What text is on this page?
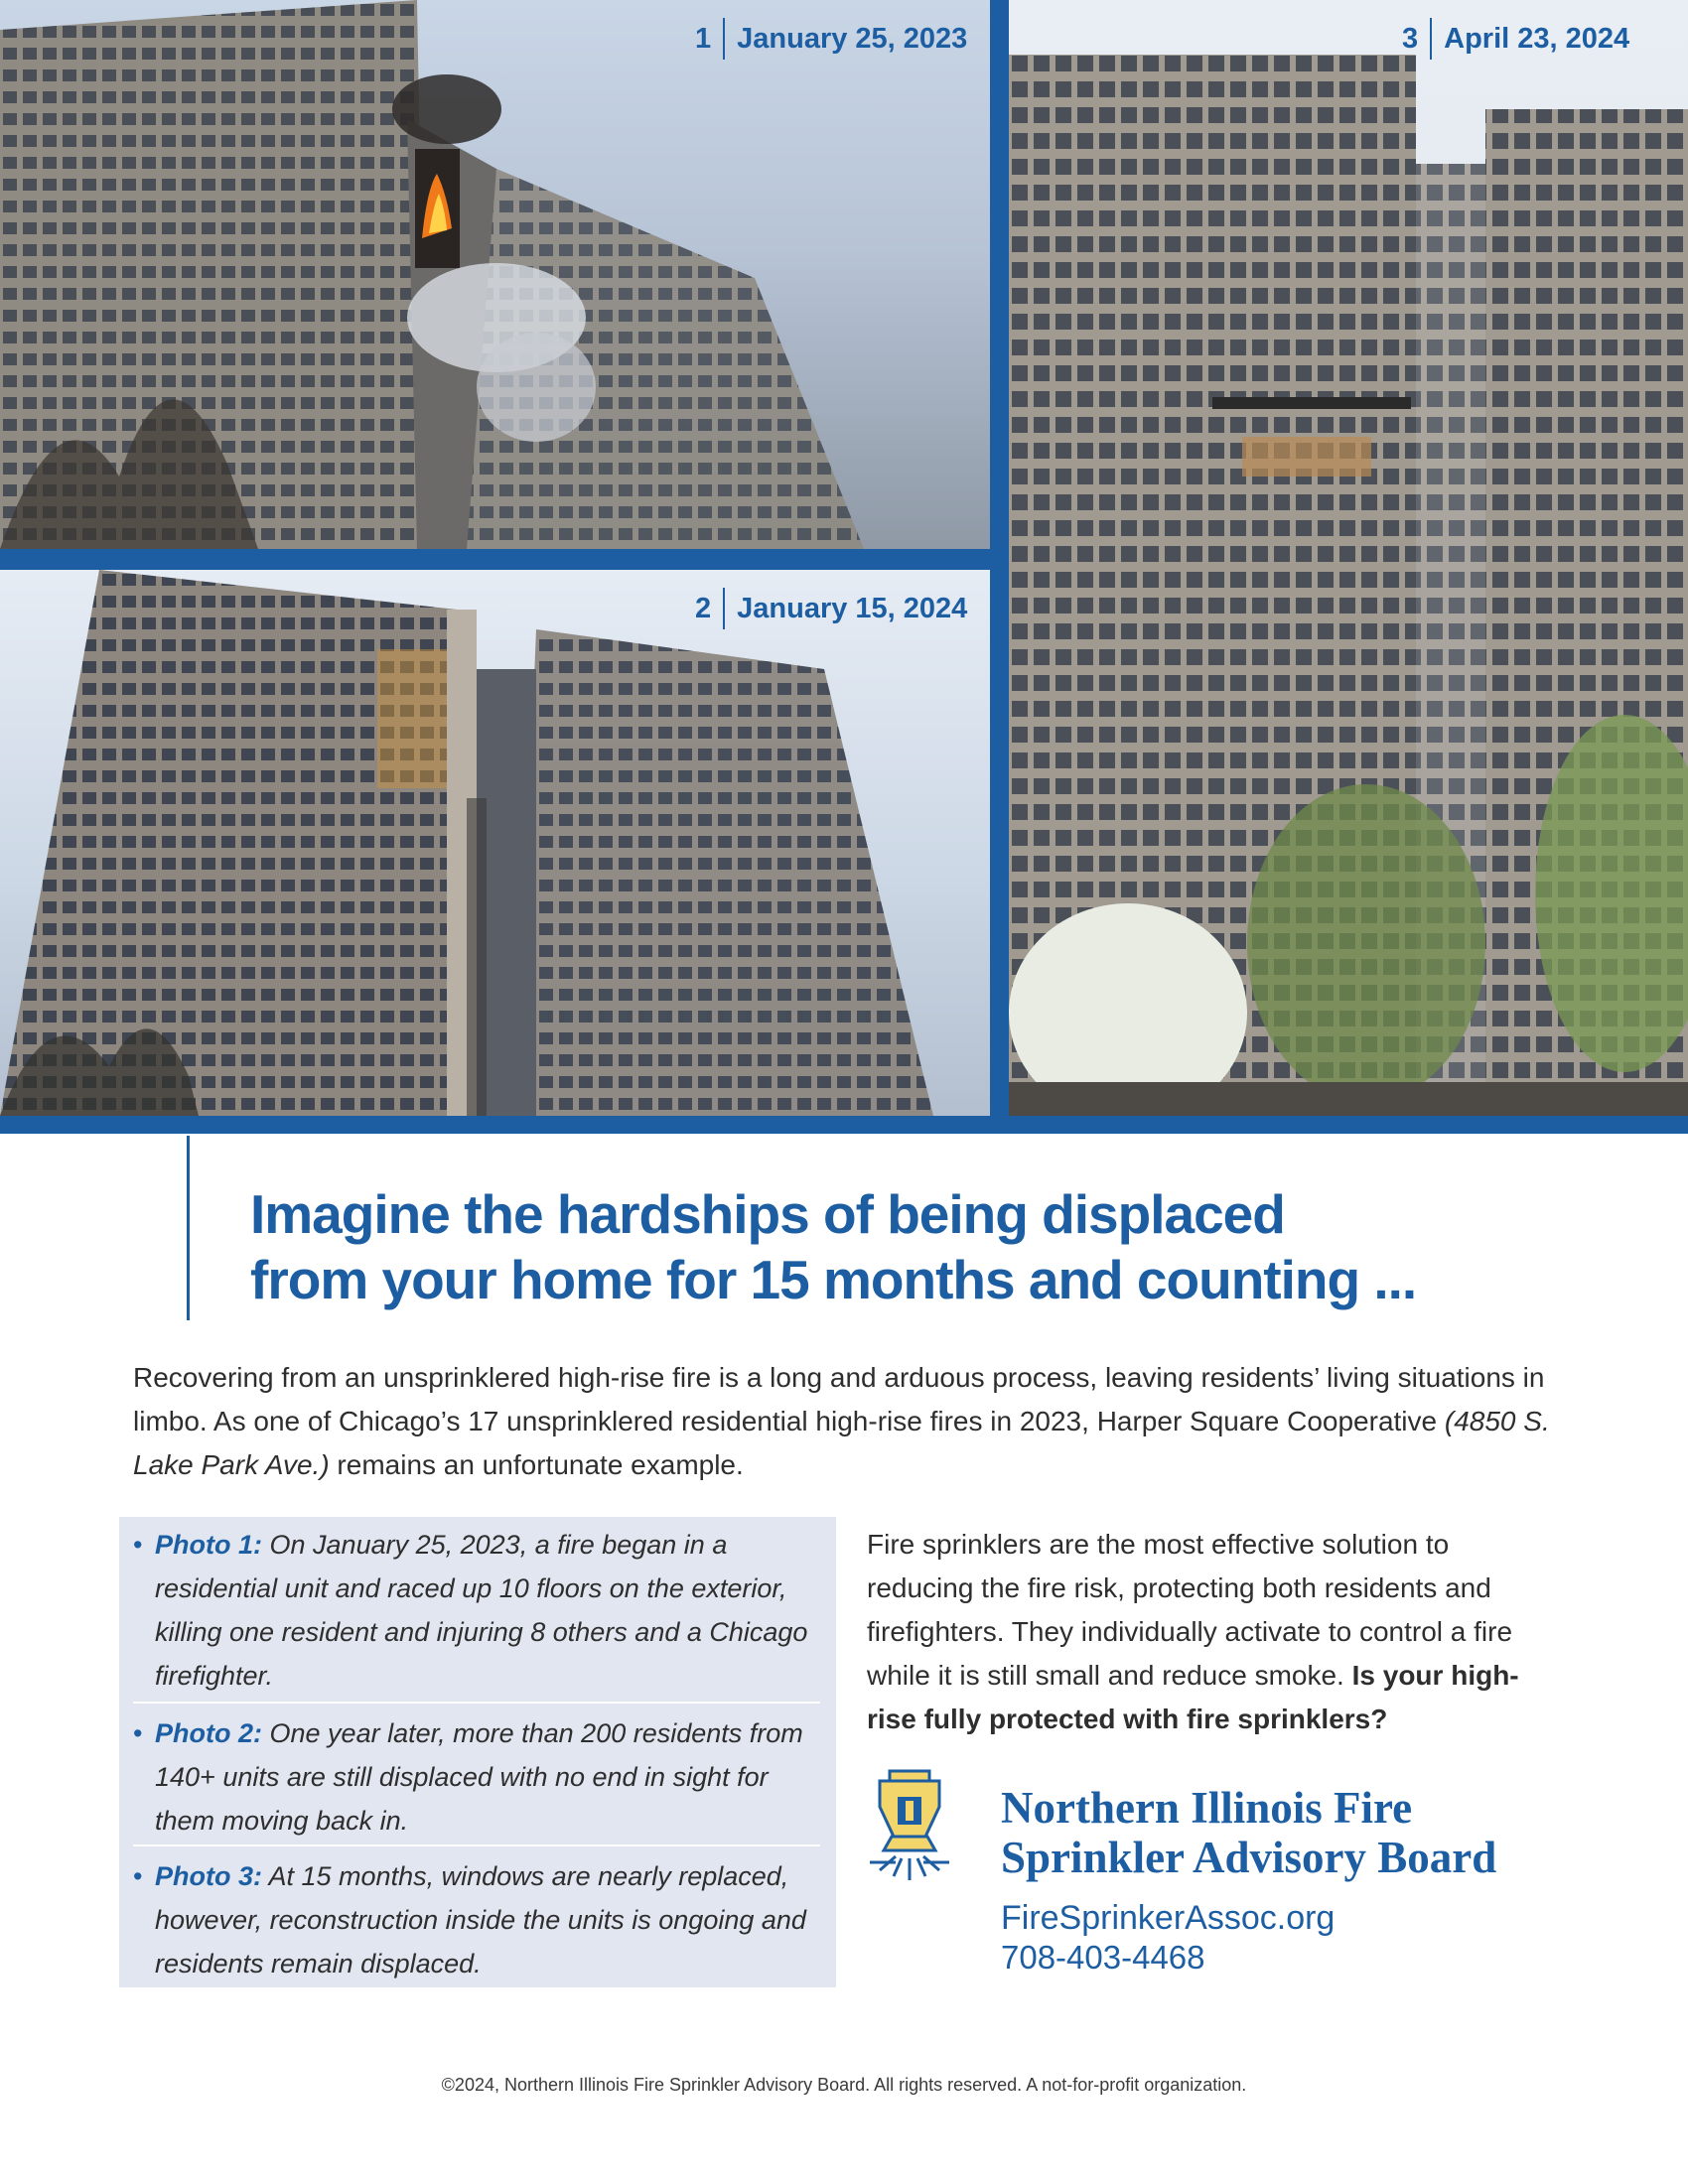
1 January 25, 2023
2 January 15, 2024
3 April 23, 2024
Imagine the hardships of being displaced
from your home for 15 months and counting ...

Recovering from an unsprinklered high-rise fire is a long and arduous process, leaving residents’ living situations in limbo. As one of Chicago’s 17 unsprinklered residential high-rise fires in 2023, Harper Square Cooperative (4850 S. Lake Park Ave.) remains an unfortunate example.

• Photo 1: On January 25, 2023, a fire began in a residential unit and raced up 10 floors on the exterior, killing one resident and injuring 8 others and a Chicago firefighter.
• Photo 2: One year later, more than 200 residents from 140+ units are still displaced with no end in sight for them moving back in.
• Photo 3: At 15 months, windows are nearly replaced, however, reconstruction inside the units is ongoing and residents remain displaced.

Fire sprinklers are the most effective solution to reducing the fire risk, protecting both residents and firefighters. They individually activate to control a fire while it is still small and reduce smoke. Is your high-rise fully protected with fire sprinklers?

Northern Illinois Fire
Sprinkler Advisory Board
FireSprinkerAssoc.org
708-403-4468
©2024, Northern Illinois Fire Sprinkler Advisory Board. All rights reserved. A not-for-profit organization.
